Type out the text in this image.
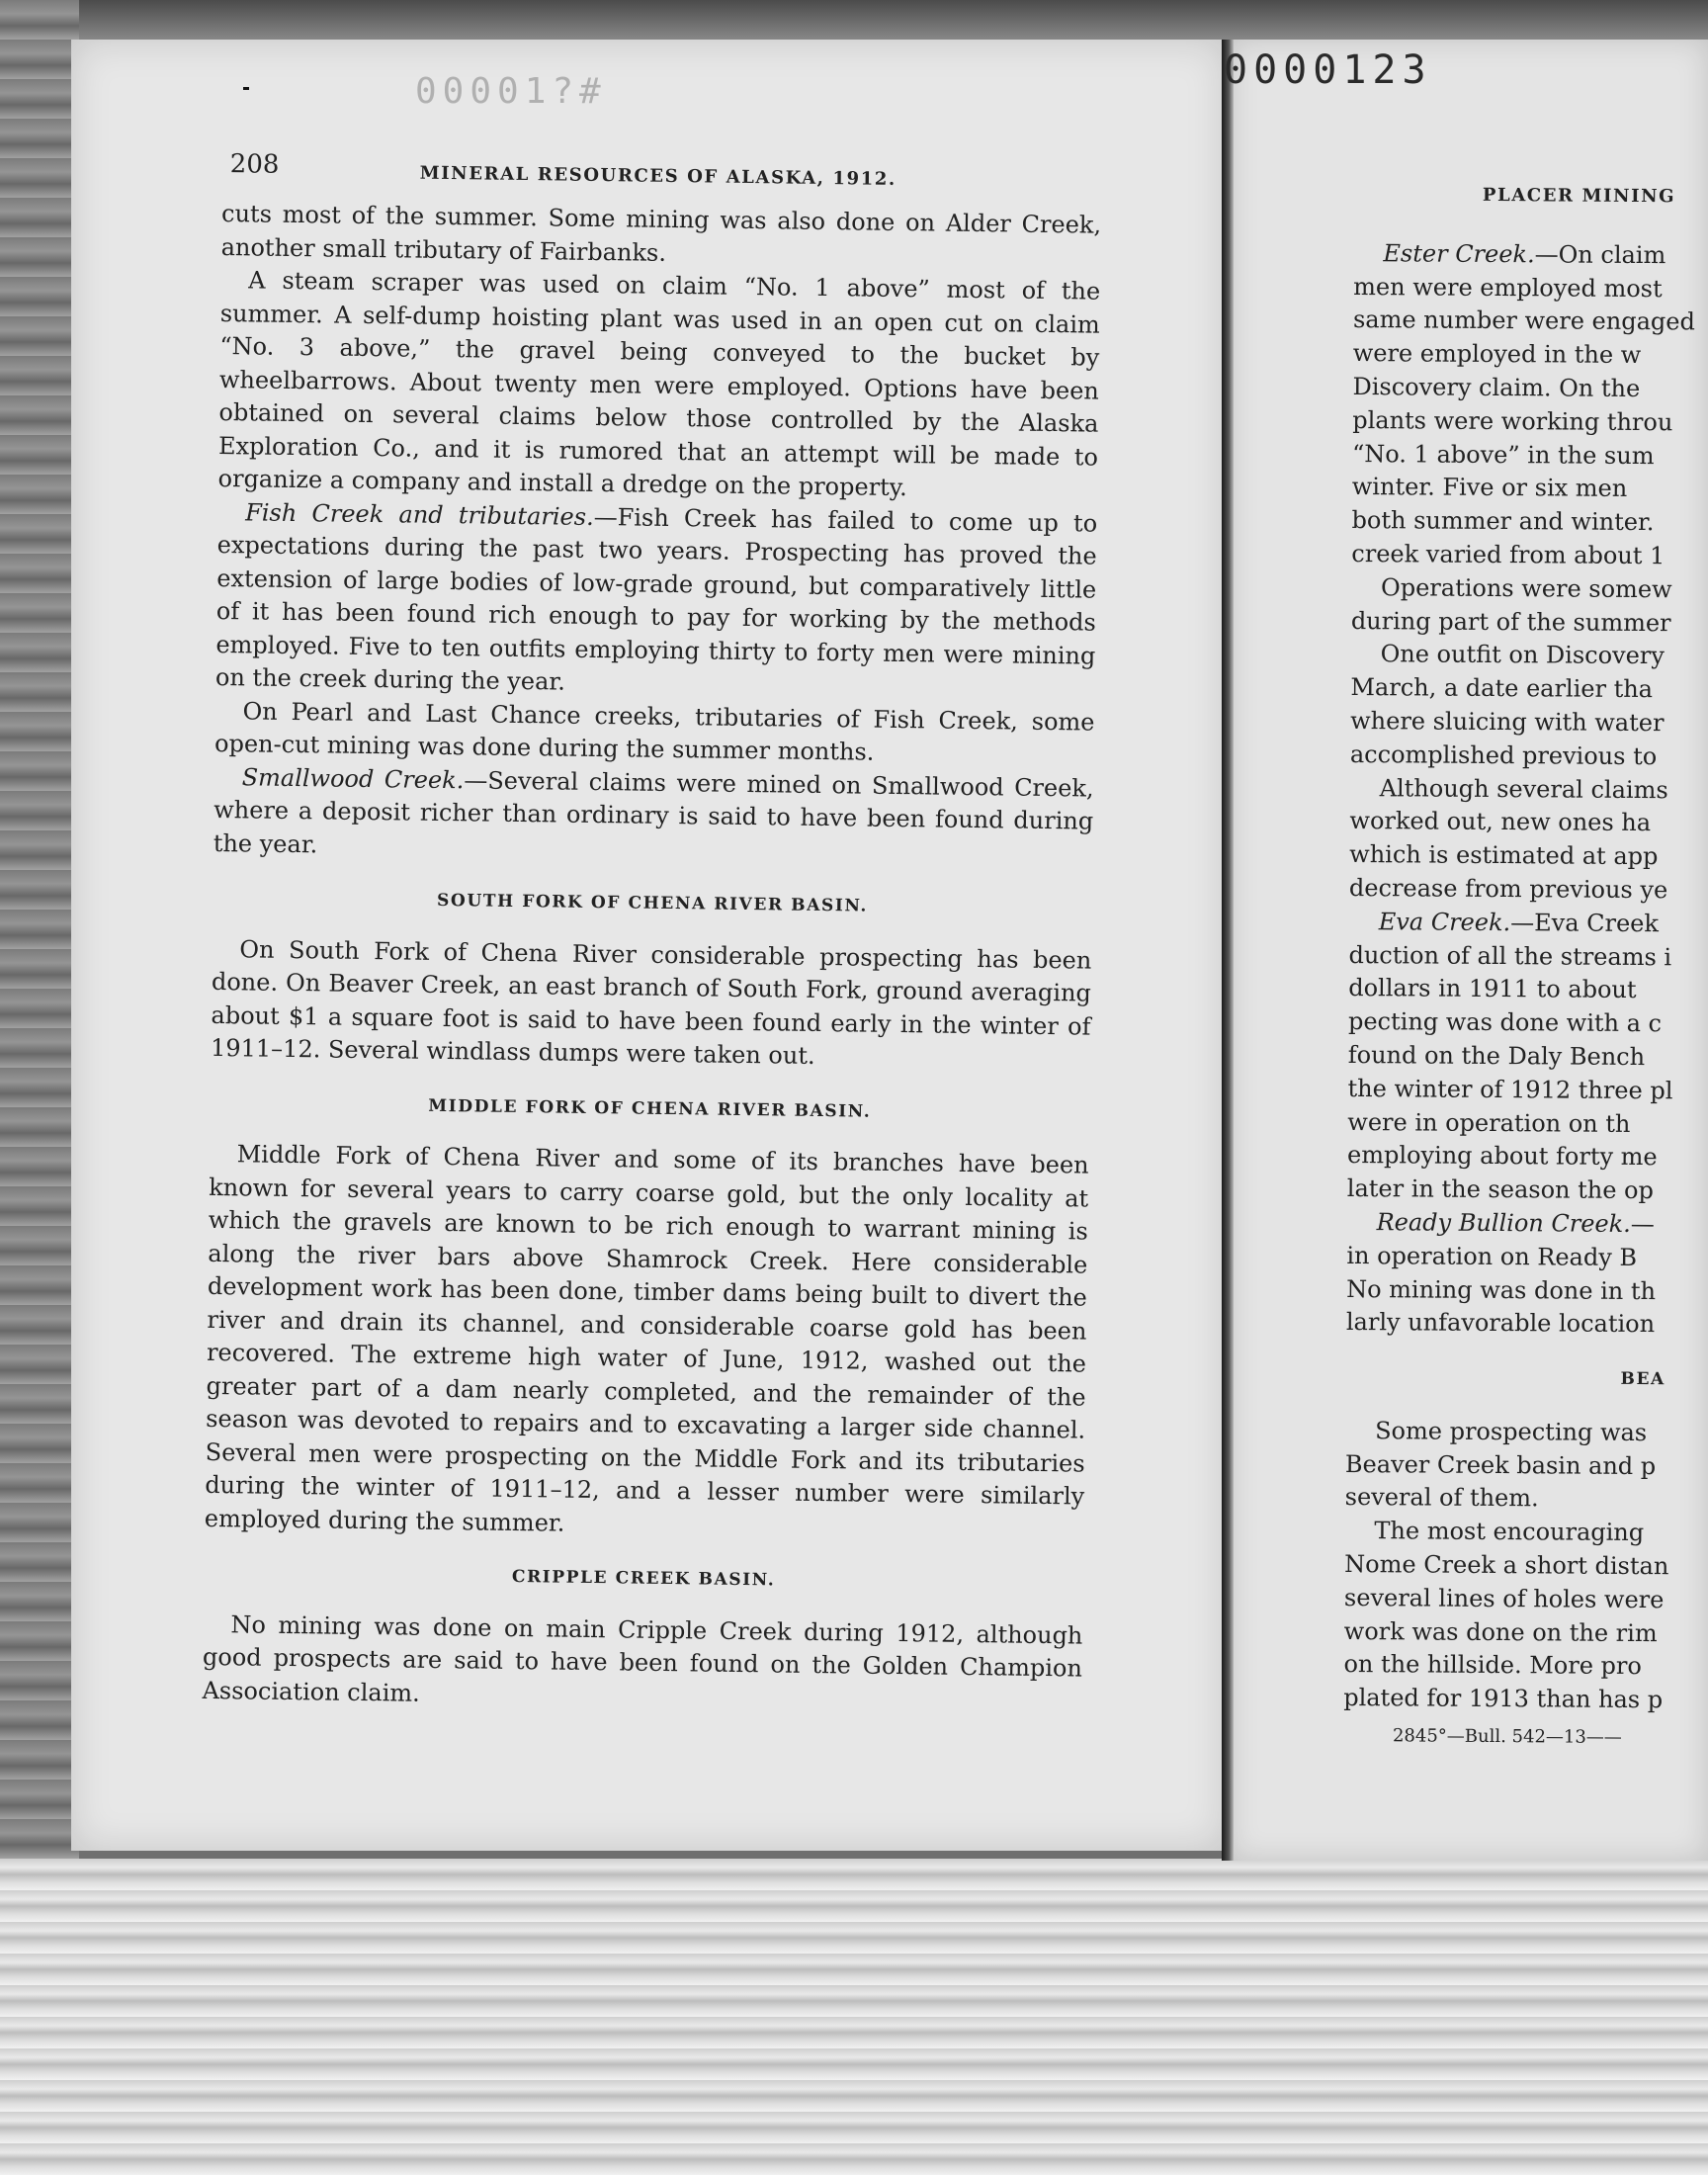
00001?#	0000123
208	MINERAL RESOURCES OF ALASKA, 1912.

cuts most of the summer. Some mining was also done on Alder Creek, another small tributary of Fairbanks.

A steam scraper was used on claim “No. 1 above” most of the summer. A self-dump hoisting plant was used in an open cut on claim “No. 3 above,” the gravel being conveyed to the bucket by wheelbarrows. About twenty men were employed. Options have been obtained on several claims below those controlled by the Alaska Exploration Co., and it is rumored that an attempt will be made to organize a company and install a dredge on the property.

Fish Creek and tributaries.—Fish Creek has failed to come up to expectations during the past two years. Prospecting has proved the extension of large bodies of low-grade ground, but comparatively little of it has been found rich enough to pay for working by the methods employed. Five to ten outfits employing thirty to forty men were mining on the creek during the year.

On Pearl and Last Chance creeks, tributaries of Fish Creek, some open-cut mining was done during the summer months.

Smallwood Creek.—Several claims were mined on Smallwood Creek, where a deposit richer than ordinary is said to have been found during the year.

SOUTH FORK OF CHENA RIVER BASIN.

On South Fork of Chena River considerable prospecting has been done. On Beaver Creek, an east branch of South Fork, ground averaging about $1 a square foot is said to have been found early in the winter of 1911–12. Several windlass dumps were taken out.

MIDDLE FORK OF CHENA RIVER BASIN.

Middle Fork of Chena River and some of its branches have been known for several years to carry coarse gold, but the only locality at which the gravels are known to be rich enough to warrant mining is along the river bars above Shamrock Creek. Here considerable development work has been done, timber dams being built to divert the river and drain its channel, and considerable coarse gold has been recovered. The extreme high water of June, 1912, washed out the greater part of a dam nearly completed, and the remainder of the season was devoted to repairs and to excavating a larger side channel. Several men were prospecting on the Middle Fork and its tributaries during the winter of 1911–12, and a lesser number were similarly employed during the summer.

CRIPPLE CREEK BASIN.

No mining was done on main Cripple Creek during 1912, although good prospects are said to have been found on the Golden Champion Association claim.

PLACER MINING
Ester Creek.—On claim
men were employed most
same number were engaged
were employed in the w
Discovery claim. On the
plants were working throu
“No. 1 above” in the sum
winter. Five or six men
both summer and winter.
creek varied from about 1
Operations were somew
during part of the summer
One outfit on Discovery
March, a date earlier tha
where sluicing with water
accomplished previous to
Although several claims
worked out, new ones ha
which is estimated at app
decrease from previous ye
Eva Creek.—Eva Creek
duction of all the streams i
dollars in 1911 to about
pecting was done with a c
found on the Daly Bench
the winter of 1912 three pl
were in operation on th
employing about forty me
later in the season the op
Ready Bullion Creek.—
in operation on Ready B
No mining was done in th
larly unfavorable location
BEA
Some prospecting was
Beaver Creek basin and p
several of them.
The most encouraging
Nome Creek a short distan
several lines of holes were
work was done on the rim
on the hillside. More pro
plated for 1913 than has p
2845°—Bull. 542—13——
